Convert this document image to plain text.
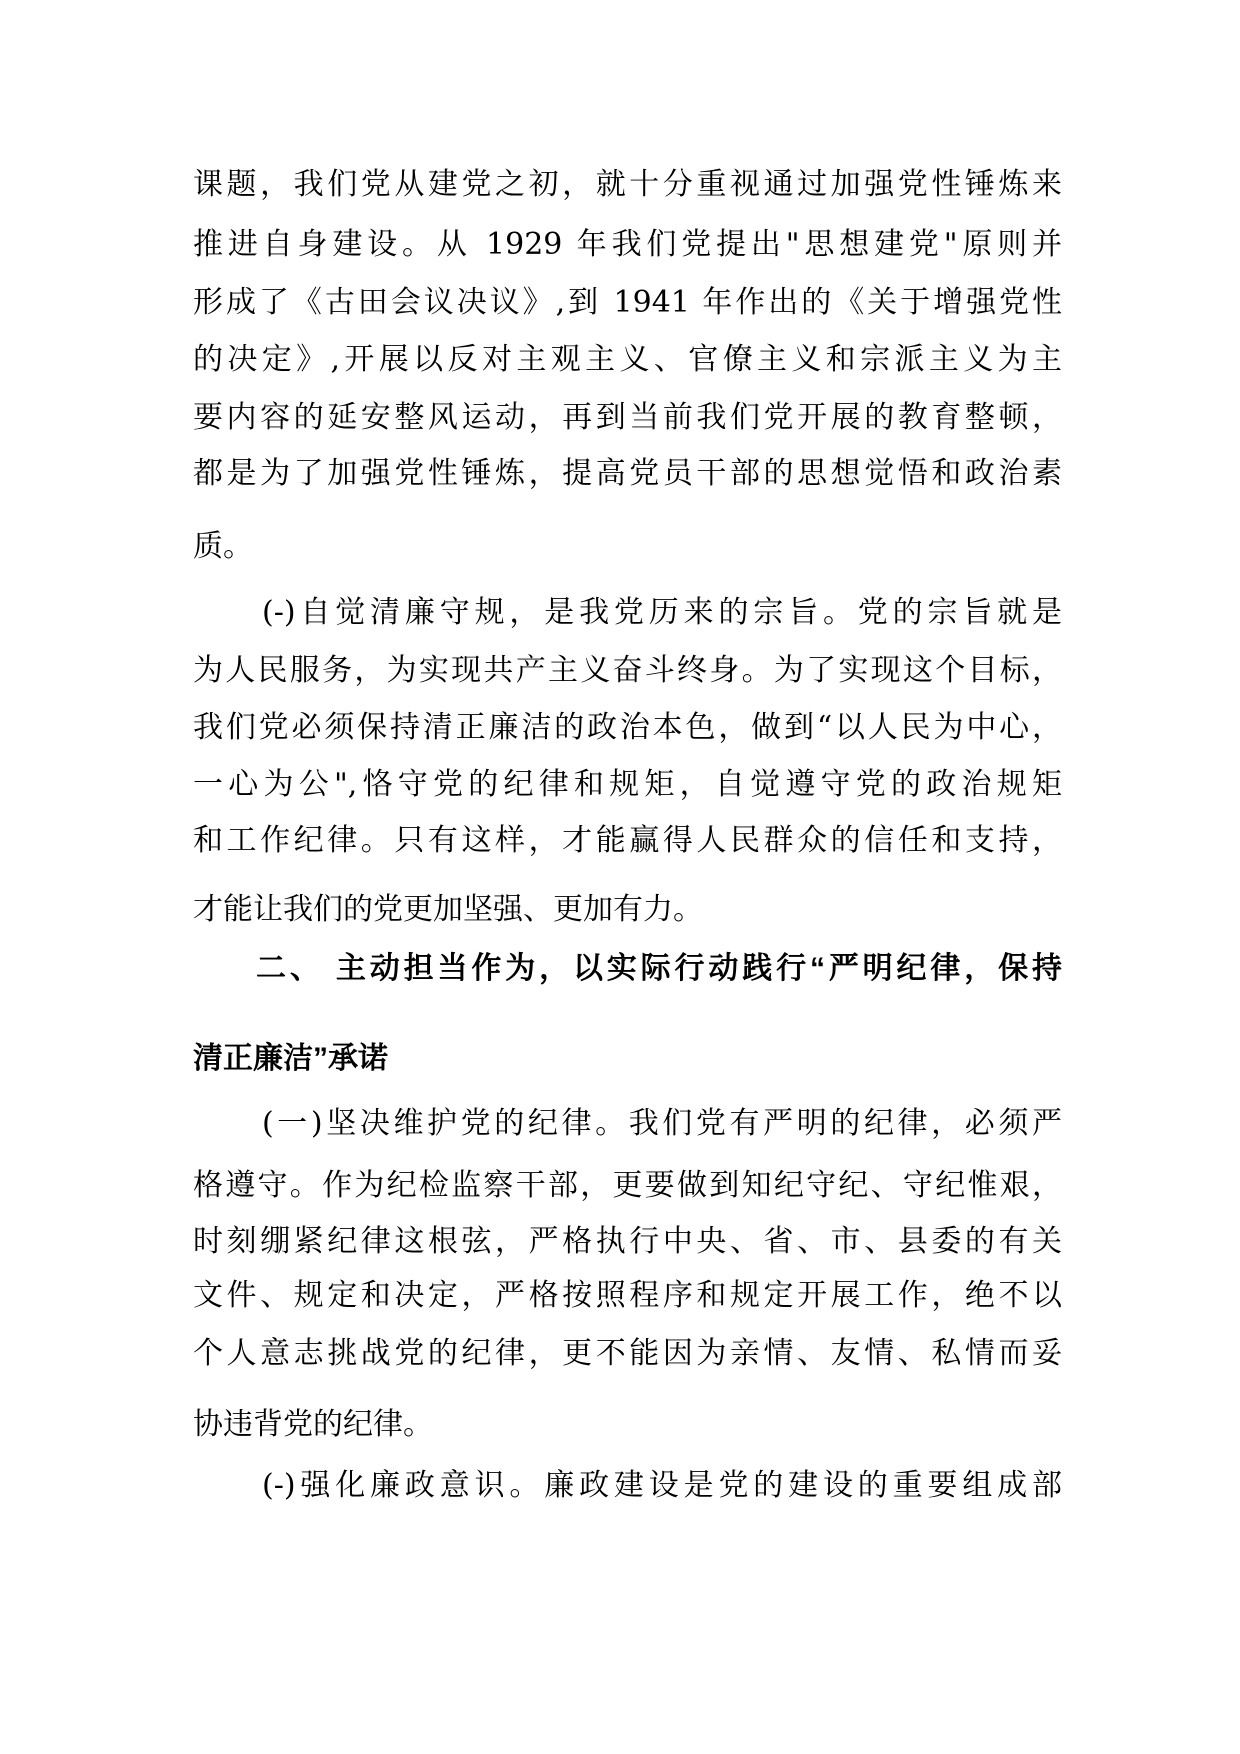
课题，我们党从建党之初，就十分重视通过加强党性锤炼来
推进自身建设。从 1929 年我们党提出"思想建党"原则并
形成了《古田会议决议》,到 1941 年作出的《关于增强党性
的决定》,开展以反对主观主义、官僚主义和宗派主义为主
要内容的延安整风运动，再到当前我们党开展的教育整顿，
都是为了加强党性锤炼，提高党员干部的思想觉悟和政治素
质。
(-)自觉清廉守规，是我党历来的宗旨。党的宗旨就是
为人民服务，为实现共产主义奋斗终身。为了实现这个目标，
我们党必须保持清正廉洁的政治本色，做到“以人民为中心，
一心为公",恪守党的纪律和规矩，自觉遵守党的政治规矩
和工作纪律。只有这样，才能赢得人民群众的信任和支持，
才能让我们的党更加坚强、更加有力。
二、 主动担当作为，以实际行动践行“严明纪律，保持
清正廉洁”承诺
(一)坚决维护党的纪律。我们党有严明的纪律，必须严
格遵守。作为纪检监察干部，更要做到知纪守纪、守纪惟艰，
时刻绷紧纪律这根弦，严格执行中央、省、市、县委的有关
文件、规定和决定，严格按照程序和规定开展工作，绝不以
个人意志挑战党的纪律，更不能因为亲情、友情、私情而妥
协违背党的纪律。
(-)强化廉政意识。廉政建设是党的建设的重要组成部
